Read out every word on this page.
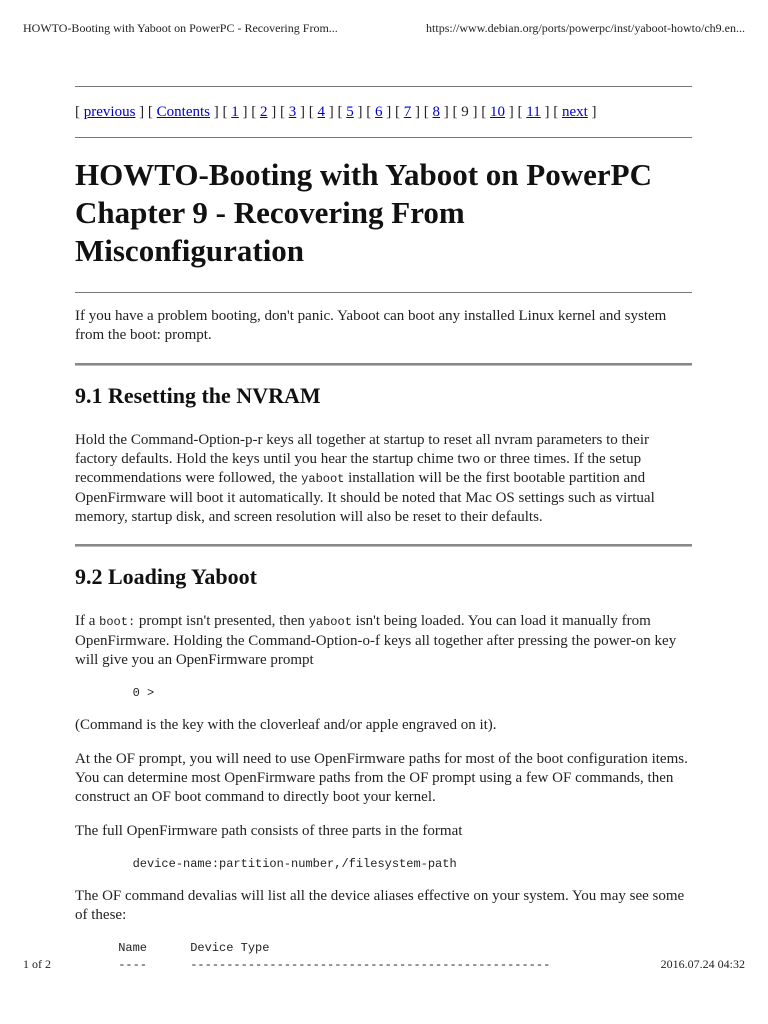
HOWTO-Booting with Yaboot on PowerPC - Recovering From...	https://www.debian.org/ports/powerpc/inst/yaboot-howto/ch9.en...
[ previous ] [ Contents ] [ 1 ] [ 2 ] [ 3 ] [ 4 ] [ 5 ] [ 6 ] [ 7 ] [ 8 ] [ 9 ] [ 10 ] [ 11 ] [ next ]
HOWTO-Booting with Yaboot on PowerPC
Chapter 9 - Recovering From Misconfiguration

If you have a problem booting, don't panic. Yaboot can boot any installed Linux kernel and system from the boot: prompt.

9.1 Resetting the NVRAM

Hold the Command-Option-p-r keys all together at startup to reset all nvram parameters to their factory defaults. Hold the keys until you hear the startup chime two or three times. If the setup recommendations were followed, the yaboot installation will be the first bootable partition and OpenFirmware will boot it automatically. It should be noted that Mac OS settings such as virtual memory, startup disk, and screen resolution will also be reset to their defaults.

9.2 Loading Yaboot

If a boot: prompt isn't presented, then yaboot isn't being loaded. You can load it manually from OpenFirmware. Holding the Command-Option-o-f keys all together after pressing the power-on key will give you an OpenFirmware prompt

0 >

(Command is the key with the cloverleaf and/or apple engraved on it).

At the OF prompt, you will need to use OpenFirmware paths for most of the boot configuration items. You can determine most OpenFirmware paths from the OF prompt using a few OF commands, then construct an OF boot command to directly boot your kernel.

The full OpenFirmware path consists of three parts in the format

device-name:partition-number,/filesystem-path

The OF command devalias will list all the device aliases effective on your system. You may see some of these:

Name      Device Type
----      --------------------------------------------------
1 of 2	2016.07.24 04:32
